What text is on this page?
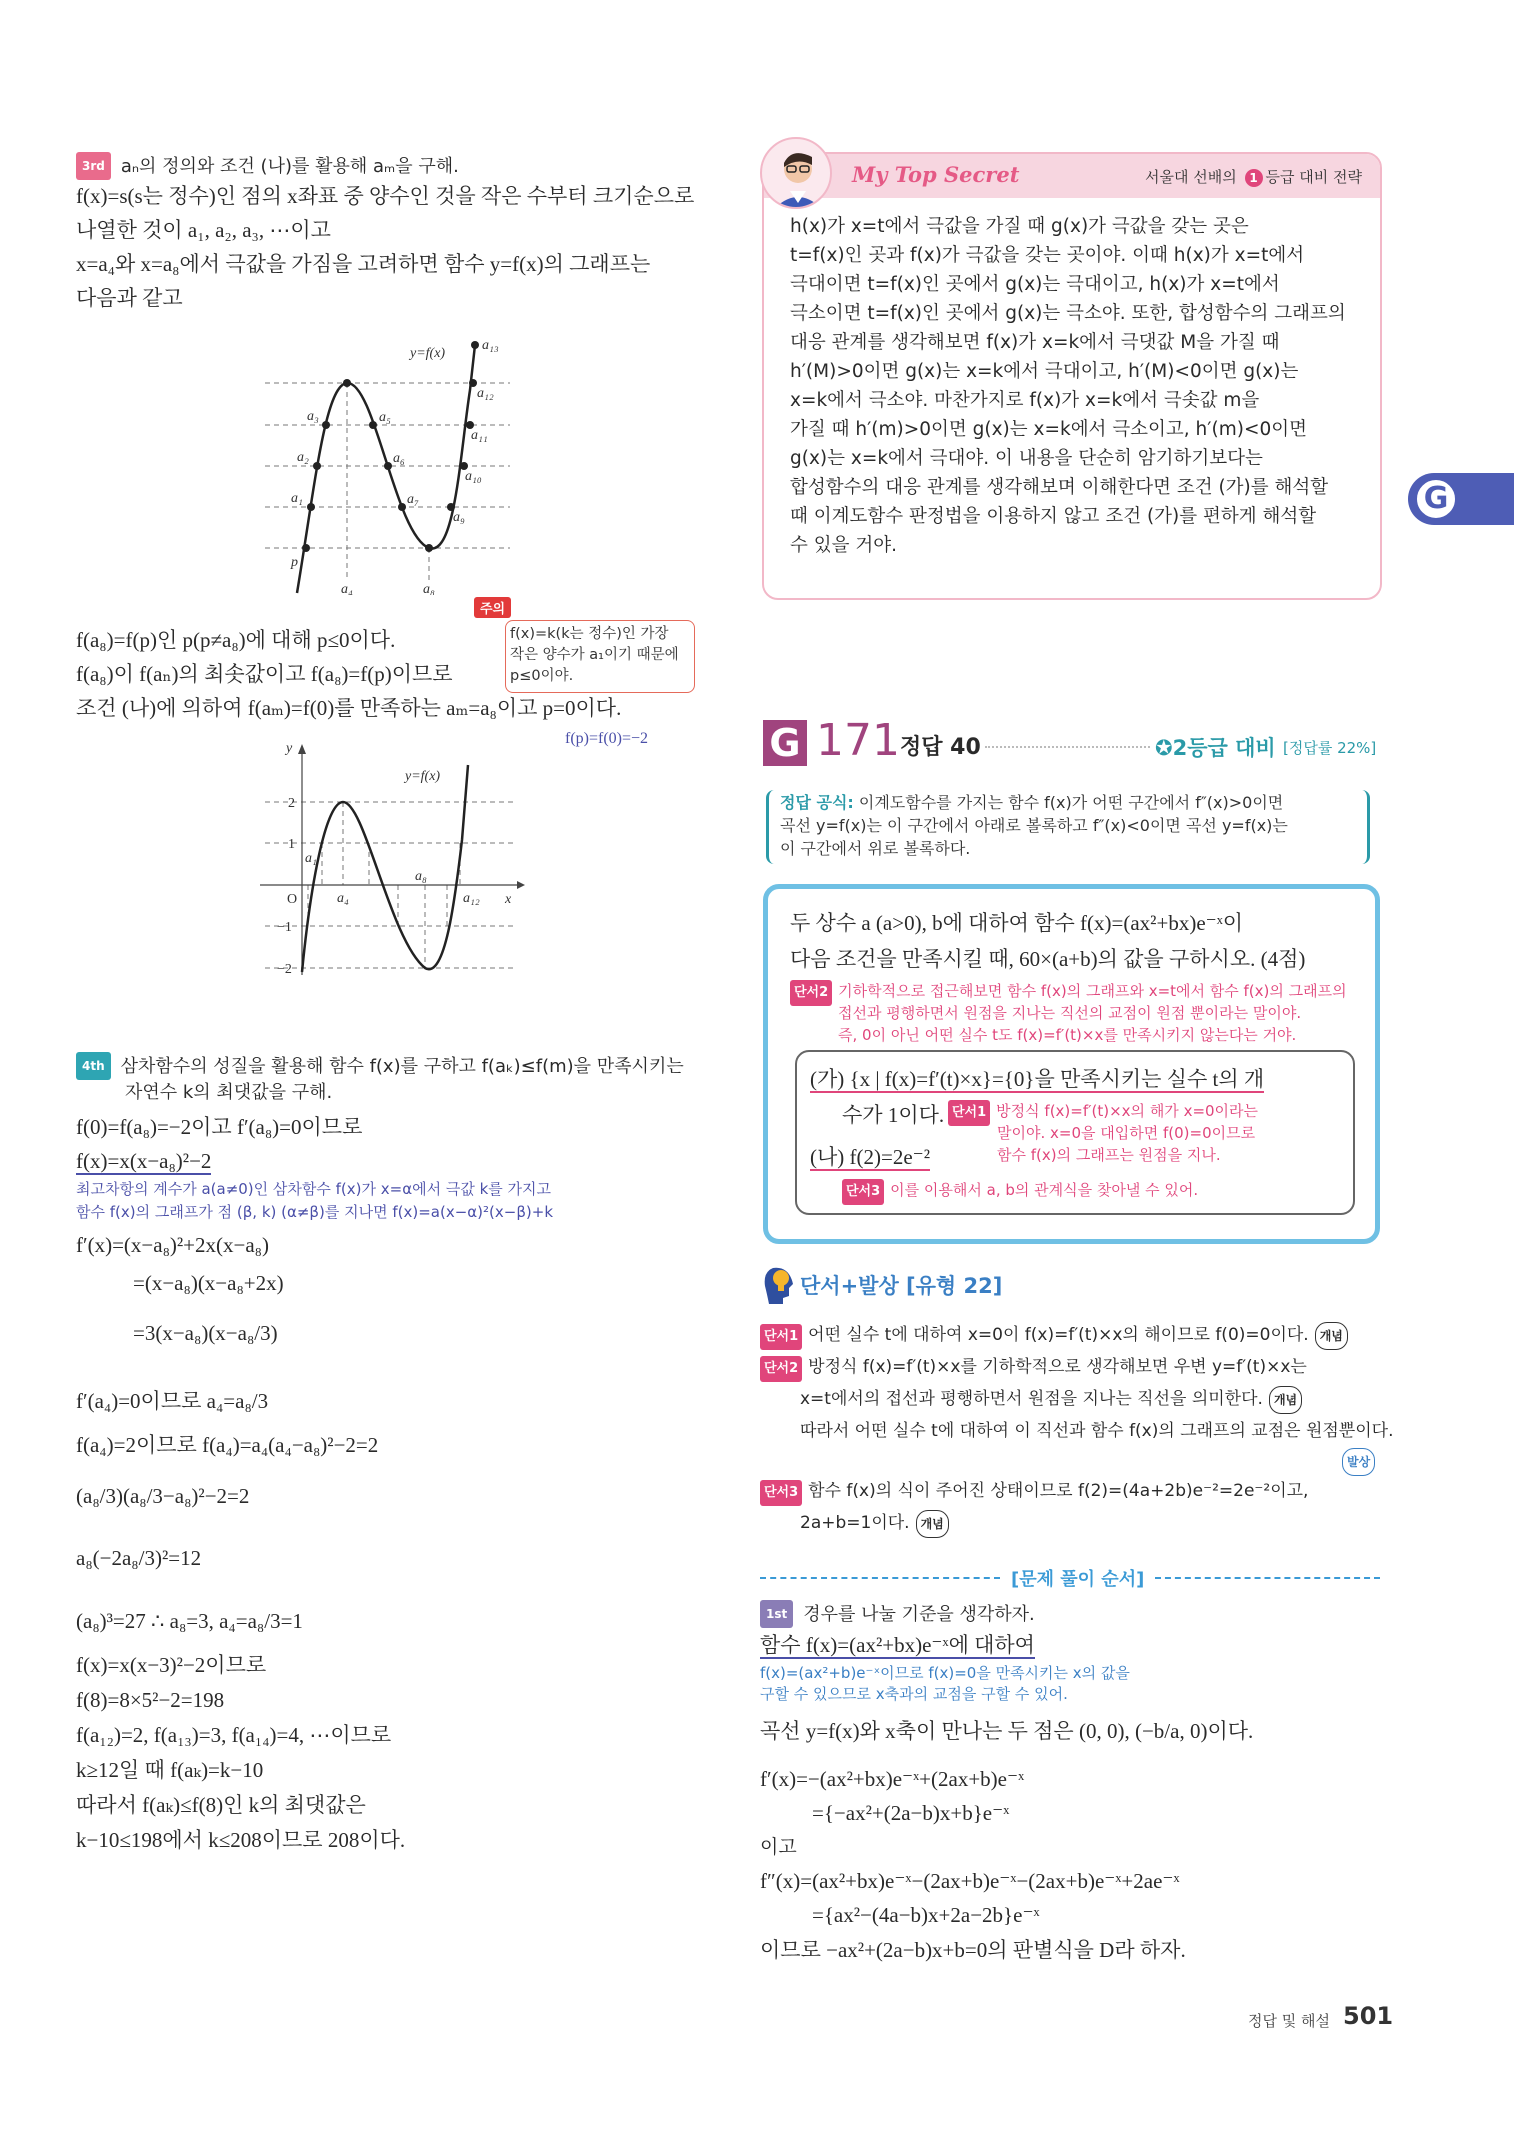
3rd aₙ의 정의와 조건 (나)를 활용해 aₘ을 구해.
f(x)=s(s는 정수)인 점의 x좌표 중 양수인 것을 작은 수부터 크기순으로
나열한 것이 a₁, a₂, a₃, ⋯이고
x=a₄와 x=a₈에서 극값을 가짐을 고려하면 함수 y=f(x)의 그래프는
다음과 같고
y=f(x)
a₃
a₂
a₁
a₅
a₆
a₇
a₉
a₁₀
a₁₁
a₁₂
a₁₃
p
a₄	a₈
주의
f(x)=k(k는 정수)인 가장
작은 양수가 a₁이기 때문에
p≤0이야.
f(a₈)=f(p)인 p(p≠a₈)에 대해 p≤0이다.
f(a₈)이 f(aₙ)의 최솟값이고 f(a₈)=f(p)이므로
조건 (나)에 의하여 f(aₘ)=f(0)를 만족하는 aₘ=a₈이고 p=0이다.
f(p)=f(0)=−2
y
x
O
y=f(x)
2
1
−1
−2
a₁
a₄
a₈
a₁₂
4th 삼차함수의 성질을 활용해 함수 f(x)를 구하고 f(aₖ)≤f(m)을 만족시키는
자연수 k의 최댓값을 구해.
f(0)=f(a₈)=−2이고 f′(a₈)=0이므로
f(x)=x(x−a₈)²−2
최고차항의 계수가 a(a≠0)인 삼차함수 f(x)가 x=α에서 극값 k를 가지고
함수 f(x)의 그래프가 점 (β, k) (α≠β)를 지나면 f(x)=a(x−α)²(x−β)+k
f′(x)=(x−a₈)²+2x(x−a₈)
=(x−a₈)(x−a₈+2x)
=3(x−a₈)(x−a₈/3)
f′(a₄)=0이므로 a₄=a₈/3
f(a₄)=2이므로 f(a₄)=a₄(a₄−a₈)²−2=2
(a₈/3)(a₈/3−a₈)²−2=2
a₈(−2a₈/3)²=12
(a₈)³=27 ∴ a₈=3, a₄=a₈/3=1
f(x)=x(x−3)²−2이므로
f(8)=8×5²−2=198
f(a₁₂)=2, f(a₁₃)=3, f(a₁₄)=4, ⋯이므로
k≥12일 때 f(aₖ)=k−10
따라서 f(aₖ)≤f(8)인 k의 최댓값은
k−10≤198에서 k≤208이므로 208이다.
My Top Secret	서울대 선배의 1 등급 대비 전략
h(x)가 x=t에서 극값을 가질 때 g(x)가 극값을 갖는 곳은
t=f(x)인 곳과 f(x)가 극값을 갖는 곳이야. 이때 h(x)가 x=t에서
극대이면 t=f(x)인 곳에서 g(x)는 극대이고, h(x)가 x=t에서
극소이면 t=f(x)인 곳에서 g(x)는 극소야. 또한, 합성함수의 그래프의
대응 관계를 생각해보면 f(x)가 x=k에서 극댓값 M을 가질 때
h′(M)>0이면 g(x)는 x=k에서 극대이고, h′(M)<0이면 g(x)는
x=k에서 극소야. 마찬가지로 f(x)가 x=k에서 극솟값 m을
가질 때 h′(m)>0이면 g(x)는 x=k에서 극소이고, h′(m)<0이면
g(x)는 x=k에서 극대야. 이 내용을 단순히 암기하기보다는
합성함수의 대응 관계를 생각해보며 이해한다면 조건 (가)를 해석할
때 이계도함수 판정법을 이용하지 않고 조건 (가)를 편하게 해석할
수 있을 거야.
G
G 171 정답 40	✪2등급 대비 [정답률 22%]
정답 공식: 이계도함수를 가지는 함수 f(x)가 어떤 구간에서 f″(x)>0이면
곡선 y=f(x)는 이 구간에서 아래로 볼록하고 f″(x)<0이면 곡선 y=f(x)는
이 구간에서 위로 볼록하다.
두 상수 a (a>0), b에 대하여 함수 f(x)=(ax²+bx)e⁻ˣ이
다음 조건을 만족시킬 때, 60×(a+b)의 값을 구하시오. (4점)
단서2 기하학적으로 접근해보면 함수 f(x)의 그래프와 x=t에서 함수 f(x)의 그래프의
접선과 평행하면서 원점을 지나는 직선의 교점이 원점 뿐이라는 말이야.
즉, 0이 아닌 어떤 실수 t도 f(x)=f′(t)×x를 만족시키지 않는다는 거야.
(가) {x | f(x)=f′(t)×x}={0}을 만족시키는 실수 t의 개
수가 1이다.
(나) f(2)=2e⁻²
단서1 방정식 f(x)=f′(t)×x의 해가 x=0이라는
말이야. x=0을 대입하면 f(0)=0이므로
함수 f(x)의 그래프는 원점을 지나.
단서3 이를 이용해서 a, b의 관계식을 찾아낼 수 있어.
단서+발상 [유형 22]
단서1 어떤 실수 t에 대하여 x=0이 f(x)=f′(t)×x의 해이므로 f(0)=0이다. 개념
단서2 방정식 f(x)=f′(t)×x를 기하학적으로 생각해보면 우변 y=f′(t)×x는
x=t에서의 접선과 평행하면서 원점을 지나는 직선을 의미한다. 개념
따라서 어떤 실수 t에 대하여 이 직선과 함수 f(x)의 그래프의 교점은 원점뿐이다.
발상
단서3 함수 f(x)의 식이 주어진 상태이므로 f(2)=(4a+2b)e⁻²=2e⁻²이고,
2a+b=1이다. 개념
[문제 풀이 순서]
1st 경우를 나눌 기준을 생각하자.
함수 f(x)=(ax²+bx)e⁻ˣ에 대하여
f(x)=(ax²+b)e⁻ˣ이므로 f(x)=0을 만족시키는 x의 값을
구할 수 있으므로 x축과의 교점을 구할 수 있어.
곡선 y=f(x)와 x축이 만나는 두 점은 (0, 0), (−b/a, 0)이다.
f′(x)=−(ax²+bx)e⁻ˣ+(2ax+b)e⁻ˣ
={−ax²+(2a−b)x+b}e⁻ˣ
이고
f″(x)=(ax²+bx)e⁻ˣ−(2ax+b)e⁻ˣ−(2ax+b)e⁻ˣ+2ae⁻ˣ
={ax²−(4a−b)x+2a−2b}e⁻ˣ
이므로 −ax²+(2a−b)x+b=0의 판별식을 D라 하자.
정답 및 해설 501
